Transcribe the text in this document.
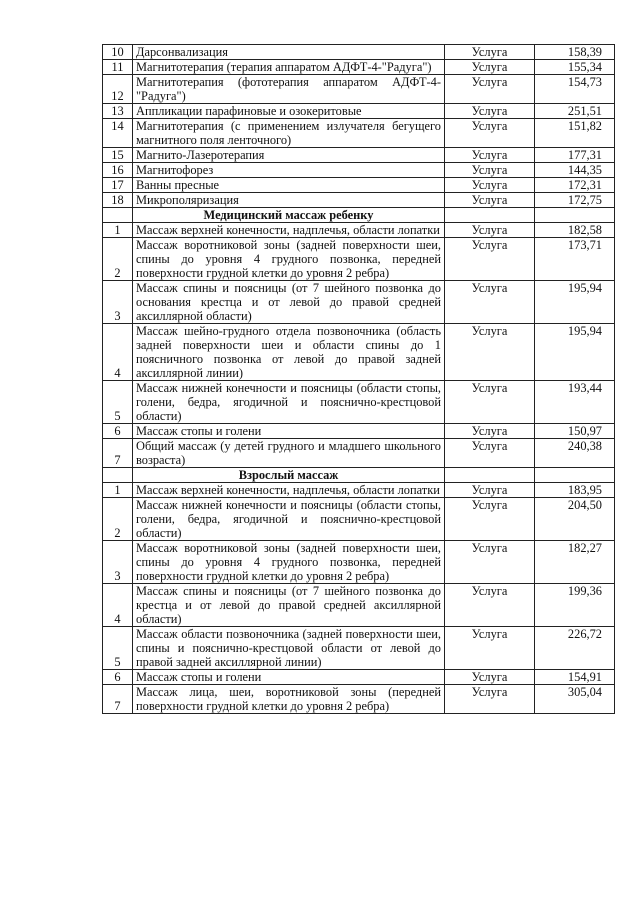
10	Дарсонвализация	Услуга	158,39
11	Магнитотерапия (терапия аппаратом АДФТ-4-"Радуга")	Услуга	155,34
12	Магнитотерапия (фототерапия аппаратом АДФТ-4-"Радуга")	Услуга	154,73
13	Аппликации парафиновые и озокеритовые	Услуга	251,51
14	Магнитотерапия (с применением излучателя бегущего магнитного поля ленточного)	Услуга	151,82
15	Магнито-Лазеротерапия	Услуга	177,31
16	Магнитофорез	Услуга	144,35
17	Ванны пресные	Услуга	172,31
18	Микрополяризация	Услуга	172,75
	Медицинский массаж ребенку		
1	Массаж верхней конечности, надплечья, области лопатки	Услуга	182,58
2	Массаж воротниковой зоны (задней поверхности шеи, спины до уровня 4 грудного позвонка, передней поверхности грудной клетки до уровня 2 ребра)	Услуга	173,71
3	Массаж спины и поясницы (от 7 шейного позвонка до основания крестца и от левой до правой средней аксиллярной области)	Услуга	195,94
4	Массаж шейно-грудного отдела позвоночника (область задней поверхности шеи и области спины до 1 поясничного позвонка от левой до правой задней аксиллярной линии)	Услуга	195,94
5	Массаж нижней конечности и поясницы (области стопы, голени, бедра, ягодичной и пояснично-крестцовой области)	Услуга	193,44
6	Массаж стопы и голени	Услуга	150,97
7	Общий массаж (у детей грудного и младшего школьного возраста)	Услуга	240,38
	Взрослый массаж		
1	Массаж верхней конечности, надплечья, области лопатки	Услуга	183,95
2	Массаж нижней конечности и поясницы (области стопы, голени, бедра, ягодичной и пояснично-крестцовой области)	Услуга	204,50
3	Массаж воротниковой зоны (задней поверхности шеи, спины до уровня 4 грудного позвонка, передней поверхности грудной клетки до уровня 2 ребра)	Услуга	182,27
4	Массаж спины и поясницы (от 7 шейного позвонка до крестца и от левой до правой средней аксиллярной области)	Услуга	199,36
5	Массаж области позвоночника (задней поверхности шеи, спины и пояснично-крестцовой области от левой до правой задней аксиллярной линии)	Услуга	226,72
6	Массаж стопы и голени	Услуга	154,91
7	Массаж лица, шеи, воротниковой зоны (передней поверхности грудной клетки до уровня 2 ребра)	Услуга	305,04
